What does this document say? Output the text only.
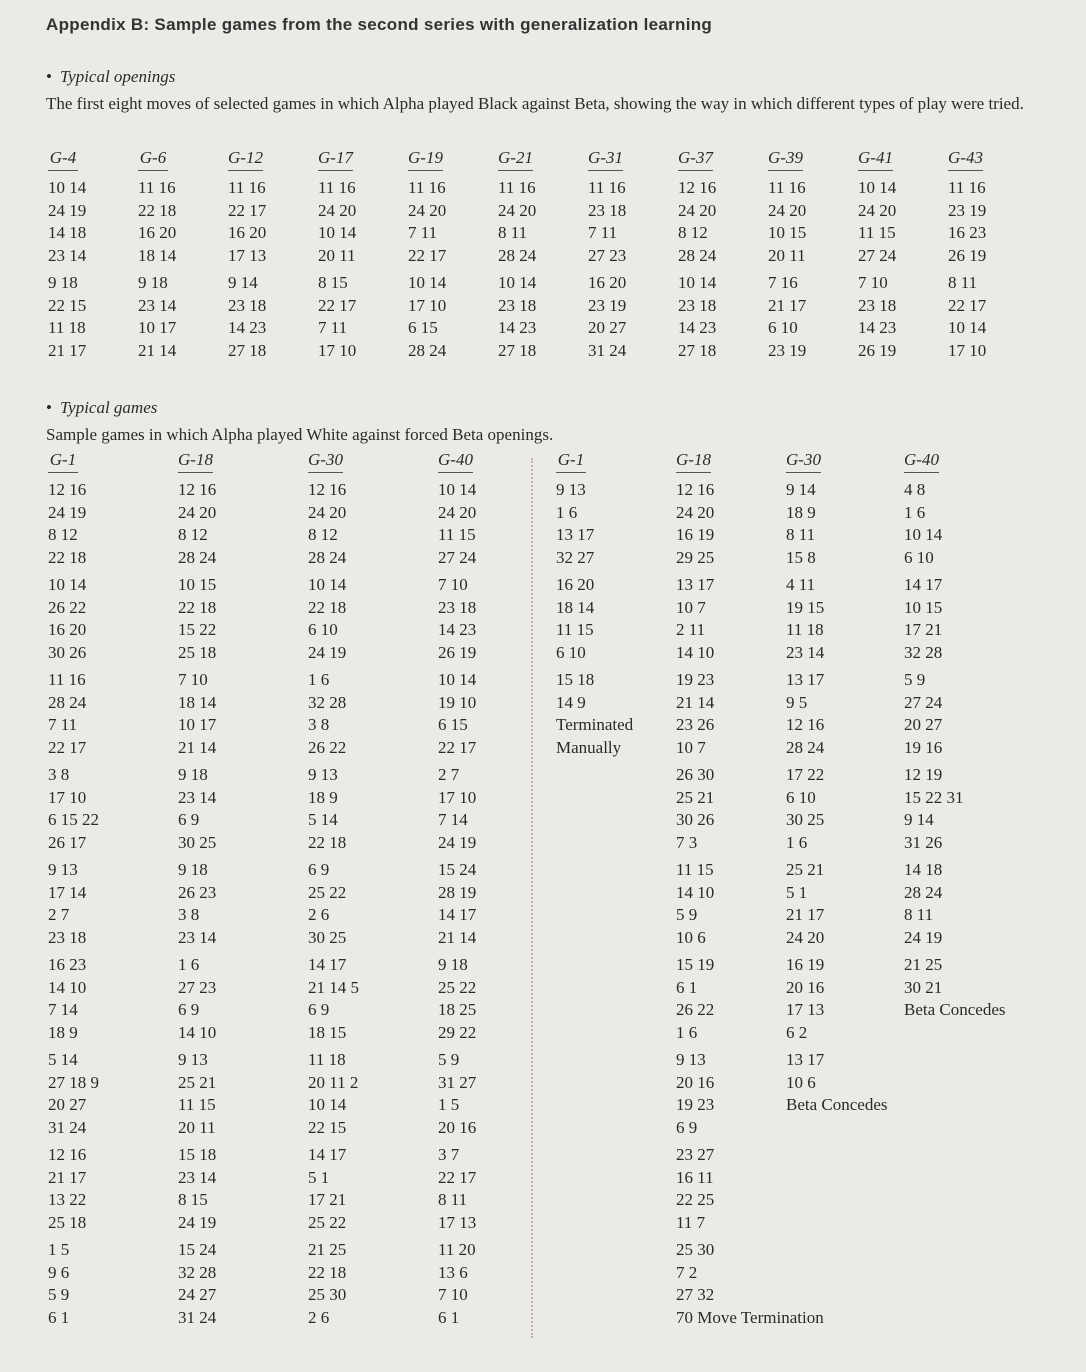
Appendix B: Sample games from the second series with generalization learning
• Typical openings
The first eight moves of selected games in which Alpha played Black against Beta, showing the way in which different types of play were tried.
G-4
10 14
24 19
14 18
23 14
9 18
22 15
11 18
21 17
G-6
11 16
22 18
16 20
18 14
9 18
23 14
10 17
21 14
G-12
11 16
22 17
16 20
17 13
9 14
23 18
14 23
27 18
G-17
11 16
24 20
10 14
20 11
8 15
22 17
7 11
17 10
G-19
11 16
24 20
7 11
22 17
10 14
17 10
6 15
28 24
G-21
11 16
24 20
8 11
28 24
10 14
23 18
14 23
27 18
G-31
11 16
23 18
7 11
27 23
16 20
23 19
20 27
31 24
G-37
12 16
24 20
8 12
28 24
10 14
23 18
14 23
27 18
G-39
11 16
24 20
10 15
20 11
7 16
21 17
6 10
23 19
G-41
10 14
24 20
11 15
27 24
7 10
23 18
14 23
26 19
G-43
11 16
23 19
16 23
26 19
8 11
22 17
10 14
17 10
• Typical games
Sample games in which Alpha played White against forced Beta openings.
G-1
12 16
24 19
8 12
22 18
10 14
26 22
16 20
30 26
11 16
28 24
7 11
22 17
3 8
17 10
6 15 22
26 17
9 13
17 14
2 7
23 18
16 23
14 10
7 14
18 9
5 14
27 18 9
20 27
31 24
12 16
21 17
13 22
25 18
1 5
9 6
5 9
6 1
G-18
12 16
24 20
8 12
28 24
10 15
22 18
15 22
25 18
7 10
18 14
10 17
21 14
9 18
23 14
6 9
30 25
9 18
26 23
3 8
23 14
1 6
27 23
6 9
14 10
9 13
25 21
11 15
20 11
15 18
23 14
8 15
24 19
15 24
32 28
24 27
31 24
G-30
12 16
24 20
8 12
28 24
10 14
22 18
6 10
24 19
1 6
32 28
3 8
26 22
9 13
18 9
5 14
22 18
6 9
25 22
2 6
30 25
14 17
21 14 5
6 9
18 15
11 18
20 11 2
10 14
22 15
14 17
5 1
17 21
25 22
21 25
22 18
25 30
2 6
G-40
10 14
24 20
11 15
27 24
7 10
23 18
14 23
26 19
10 14
19 10
6 15
22 17
2 7
17 10
7 14
24 19
15 24
28 19
14 17
21 14
9 18
25 22
18 25
29 22
5 9
31 27
1 5
20 16
3 7
22 17
8 11
17 13
11 20
13 6
7 10
6 1
G-1
9 13
1 6
13 17
32 27
16 20
18 14
11 15
6 10
15 18
14 9
Terminated
Manually
G-18
12 16
24 20
16 19
29 25
13 17
10 7
2 11
14 10
19 23
21 14
23 26
10 7
26 30
25 21
30 26
7 3
11 15
14 10
5 9
10 6
15 19
6 1
26 22
1 6
9 13
20 16
19 23
6 9
23 27
16 11
22 25
11 7
25 30
7 2
27 32
70 Move Termination
G-30
9 14
18 9
8 11
15 8
4 11
19 15
11 18
23 14
13 17
9 5
12 16
28 24
17 22
6 10
30 25
1 6
25 21
5 1
21 17
24 20
16 19
20 16
17 13
6 2
13 17
10 6
Beta Concedes
G-40
4 8
1 6
10 14
6 10
14 17
10 15
17 21
32 28
5 9
27 24
20 27
19 16
12 19
15 22 31
9 14
31 26
14 18
28 24
8 11
24 19
21 25
30 21
Beta Concedes
